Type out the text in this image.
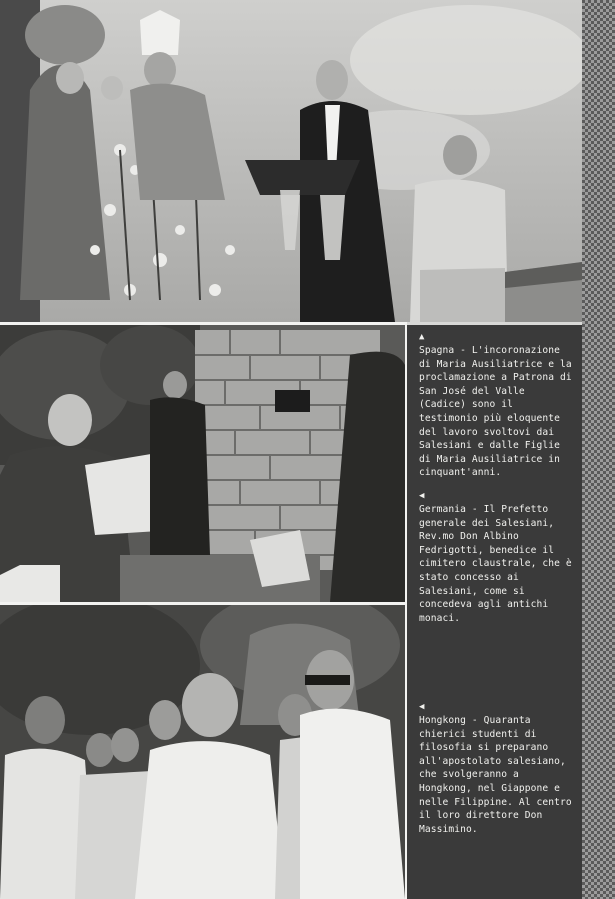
▲
Spagna - L'incoronazione di Maria Ausiliatrice e la proclamazione a Patrona di San José del Valle (Cadice) sono il testimonio più eloquente del lavoro svoltovi dai Salesiani e dalle Figlie di Maria Ausiliatrice in cinquant'anni.
◀
Germania - Il Prefetto generale dei Salesiani, Rev.mo Don Albino Fedrigotti, benedice il cimitero claustrale, che è stato concesso ai Salesiani, come si concedeva agli antichi monaci.
◀
Hongkong - Quaranta chierici studenti di filosofia si preparano all'apostolato salesiano, che svolgeranno a Hongkong, nel Giappone e nelle Filippine. Al centro il loro direttore Don Massimino.
